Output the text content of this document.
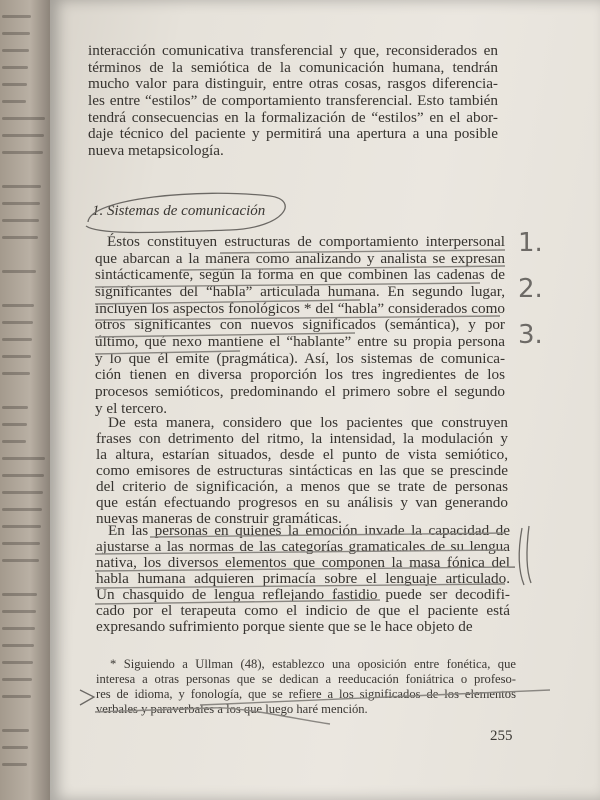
interacción comunicativa transferencial y que, reconsiderados en
términos de la semiótica de la comunicación humana, tendrán
mucho valor para distinguir, entre otras cosas, rasgos diferencia-
les entre “estilos” de comportamiento transferencial. Esto también
tendrá consecuencias en la formalización de “estilos” en el abor-
daje técnico del paciente y permitirá una apertura a una posible
nueva metapsicología.
1. Sistemas de comunicación
Éstos constituyen estructuras de comportamiento interpersonal
que abarcan a la manera como analizando y analista se expresan
sintácticamente, según la forma en que combinen las cadenas de
significantes del “habla” articulada humana. En segundo lugar,
incluyen los aspectos fonológicos * del “habla” considerados como
otros significantes con nuevos significados (semántica), y por
último, qué nexo mantiene el “hablante” entre su propia persona
y lo que él emite (pragmática). Así, los sistemas de comunica-
ción tienen en diversa proporción los tres ingredientes de los
procesos semióticos, predominando el primero sobre el segundo
y el tercero.
De esta manera, considero que los pacientes que construyen
frases con detrimento del ritmo, la intensidad, la modulación y
la altura, estarían situados, desde el punto de vista semiótico,
como emisores de estructuras sintácticas en las que se prescinde
del criterio de significación, a menos que se trate de personas
que están efectuando progresos en su análisis y van generando
nuevas maneras de construir gramáticas.
En las personas en quienes la emoción invade la capacidad de
ajustarse a las normas de las categorías gramaticales de su lengua
nativa, los diversos elementos que componen la masa fónica del
habla humana adquieren primacía sobre el lenguaje articulado.
Un chasquido de lengua reflejando fastidio puede ser decodifi-
cado por el terapeuta como el indicio de que el paciente está
expresando sufrimiento porque siente que se le hace objeto de
* Siguiendo a Ullman (48), establezco una oposición entre fonética, que
interesa a otras personas que se dedican a reeducación foniátrica o profeso-
res de idioma, y fonología, que se refiere a los significados de los elementos
verbales y paraverbales a los que luego haré mención.
255
1.
2.
3.
